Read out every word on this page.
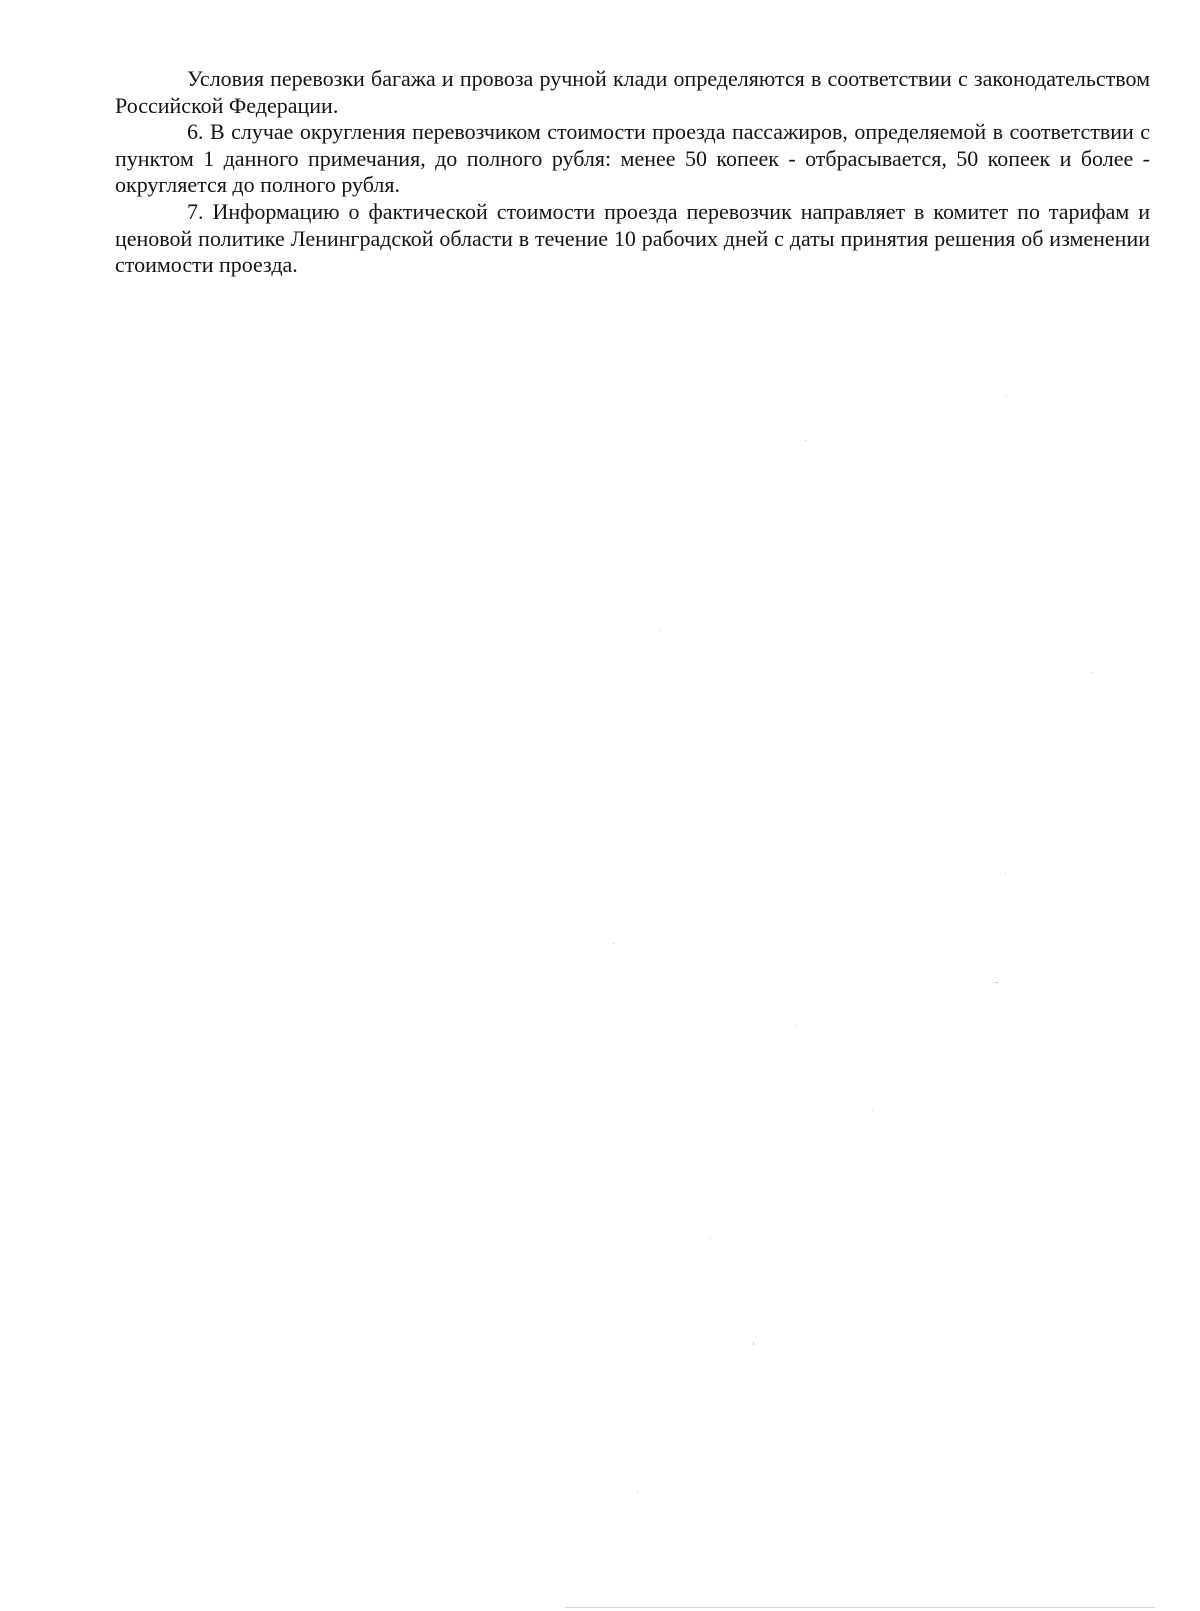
Условия перевозки багажа и провоза ручной клади определяются в соответствии с законодательством Российской Федерации.

6. В случае округления перевозчиком стоимости проезда пассажиров, определяемой в соответствии с пунктом 1 данного примечания, до полного рубля: менее 50 копеек - отбрасывается, 50 копеек и более - округляется до полного рубля.

7. Информацию о фактической стоимости проезда перевозчик направляет в комитет по тарифам и ценовой политике Ленинградской области в течение 10 рабочих дней с даты принятия решения об изменении стоимости проезда.
